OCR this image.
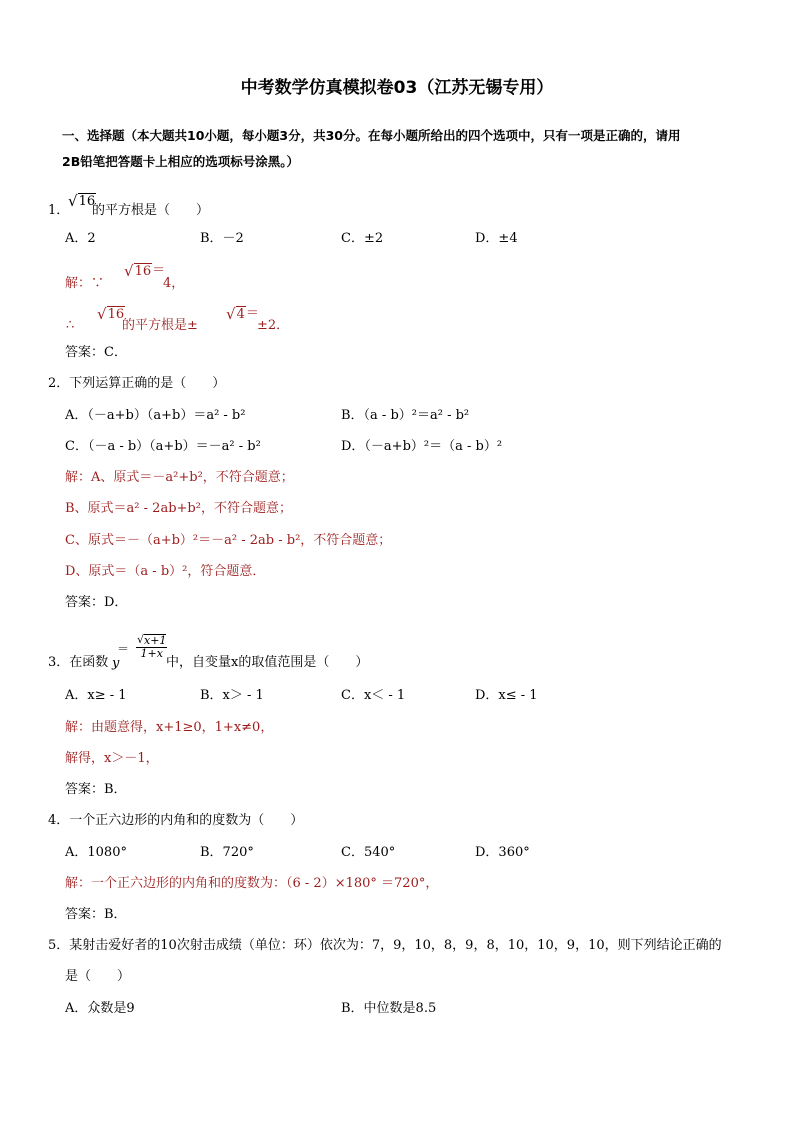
中考数学仿真模拟卷03（江苏无锡专用）
一、选择题（本大题共10小题，每小题3分，共30分。在每小题所给出的四个选项中，只有一项是正确的，请用
2B铅笔把答题卡上相应的选项标号涂黑。）
1．
√ 16
的平方根是（　　）
A．2	B．－2	C．±2	D．±4
解：∵
√ 16 ＝
4，
∴
√ 16
的平方根是±
√ 4 ＝
±2．
答案：C．
2．下列运算正确的是（　　）
A．（－a+b）（a+b）＝a² - b²	B．（a - b）²＝a² - b²
C．（－a - b）（a+b）＝－a² - b²	D．（－a+b）²＝（a - b）²
解：A、原式＝－a²+b²，不符合题意；
B、原式＝a² - 2ab+b²，不符合题意；
C、原式＝－（a+b）²＝－a² - 2ab - b²，不符合题意；
D、原式＝（a - b）²，符合题意．
答案：D．
3．在函数 y
＝ $\frac{√ x+1}{1+x}$
中，自变量x的取值范围是（　　）
A．x≥ - 1	B．x＞ - 1	C．x＜ - 1	D．x≤ - 1
解：由题意得，x+1≥0，1+x≠0，
解得，x＞－1，
答案：B．
4．一个正六边形的内角和的度数为（　　）
A．1080°	B．720°	C．540°	D．360°
解：一个正六边形的内角和的度数为：（6 - 2）×180° ＝720°，
答案：B．
5．某射击爱好者的10次射击成绩（单位：环）依次为：7，9，10，8，9，8，10，10，9，10，则下列结论正确的
是（　　）
A．众数是9	B．中位数是8.5
